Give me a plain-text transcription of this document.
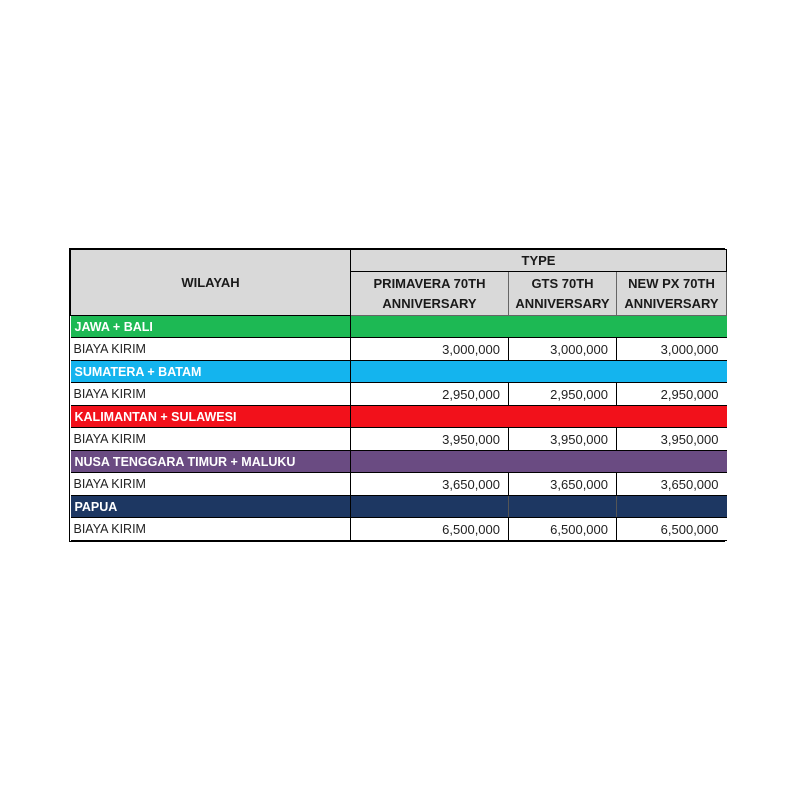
WILAYAH	TYPE		
	PRIMAVERA 70TH ANNIVERSARY	GTS 70TH ANNIVERSARY	NEW PX 70TH ANNIVERSARY
JAWA + BALI			
BIAYA KIRIM	3,000,000	3,000,000	3,000,000
SUMATERA + BATAM			
BIAYA KIRIM	2,950,000	2,950,000	2,950,000
KALIMANTAN + SULAWESI			
BIAYA KIRIM	3,950,000	3,950,000	3,950,000
NUSA TENGGARA TIMUR + MALUKU			
BIAYA KIRIM	3,650,000	3,650,000	3,650,000
PAPUA			
BIAYA KIRIM	6,500,000	6,500,000	6,500,000
